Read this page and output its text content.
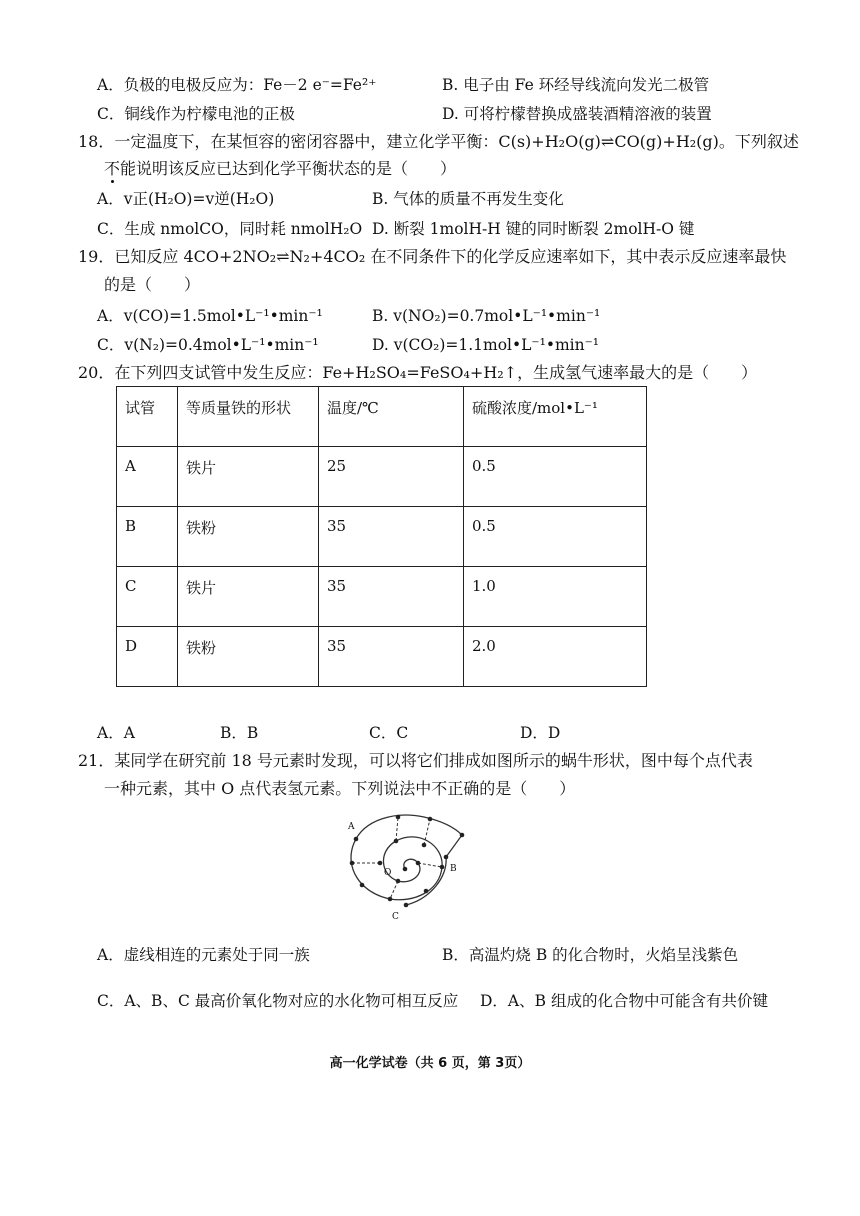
A．负极的电极反应为：Fe－2 e⁻=Fe²⁺	B. 电子由 Fe 环经导线流向发光二极管
C．铜线作为柠檬电池的正极	D. 可将柠檬替换成盛装酒精溶液的装置
18．一定温度下，在某恒容的密闭容器中，建立化学平衡：C(s)+H₂O(g)⇌CO(g)+H₂(g)。下列叙述
不能说明该反应已达到化学平衡状态的是（　　）
A．v正(H₂O)=v逆(H₂O)	B. 气体的质量不再发生变化
C．生成 nmolCO，同时耗 nmolH₂O D. 断裂 1molH-H 键的同时断裂 2molH-O 键
19．已知反应 4CO+2NO₂⇌N₂+4CO₂ 在不同条件下的化学反应速率如下，其中表示反应速率最快
的是（　　）
A．v(CO)=1.5mol•L⁻¹•min⁻¹	B. v(NO₂)=0.7mol•L⁻¹•min⁻¹
C．v(N₂)=0.4mol•L⁻¹•min⁻¹	D. v(CO₂)=1.1mol•L⁻¹•min⁻¹
20．在下列四支试管中发生反应：Fe+H₂SO₄=FeSO₄+H₂↑，生成氢气速率最大的是（　　）
试管	等质量铁的形状	温度/℃	硫酸浓度/mol•L⁻¹
A	铁片	25	0.5
B	铁粉	35	0.5
C	铁片	35	1.0
D	铁粉	35	2.0
A．A	B．B	C．C	D．D
21．某同学在研究前 18 号元素时发现，可以将它们排成如图所示的蜗牛形状，图中每个点代表
一种元素，其中 O 点代表氢元素。下列说法中不正确的是（　　）
A
B
C
O
A．虚线相连的元素处于同一族	B．高温灼烧 B 的化合物时，火焰呈浅紫色
C．A、B、C 最高价氧化物对应的水化物可相互反应 D．A、B 组成的化合物中可能含有共价键
高一化学试卷（共 6 页，第 3页）
